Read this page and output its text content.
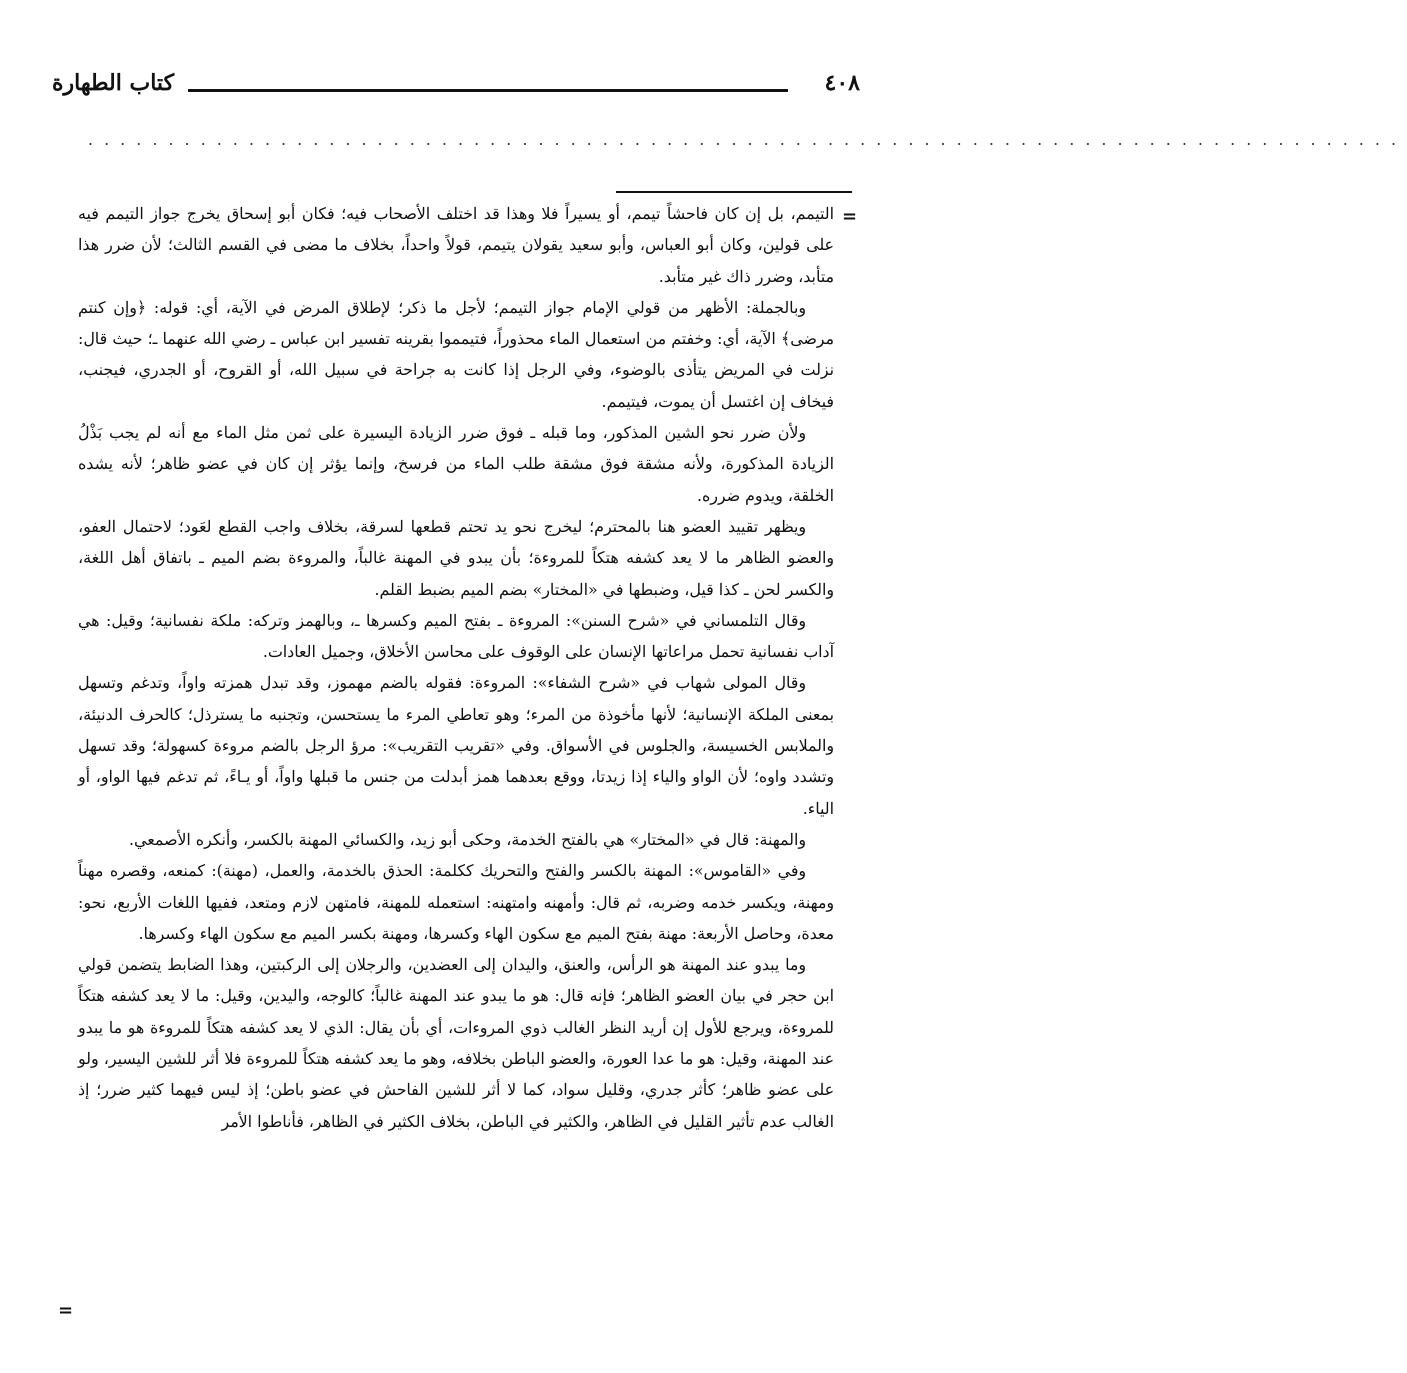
كتاب الطهارة	٤٠٨
..................................................................................
=
=

التيمم، بل إن كان فاحشاً تيمم، أو يسيراً فلا وهذا قد اختلف الأصحاب فيه؛ فكان أبو إسحاق يخرج جواز التيمم فيه على قولين، وكان أبو العباس، وأبو سعيد يقولان يتيمم، قولاً واحداً، بخلاف ما مضى في القسم الثالث؛ لأن ضرر هذا متأبد، وضرر ذاك غير متأبد.

وبالجملة: الأظهر من قولي الإمام جواز التيمم؛ لأجل ما ذكر؛ لإطلاق المرض في الآية، أي: قوله: ﴿وإن كنتم مرضى﴾ الآية، أي: وخفتم من استعمال الماء محذوراً، فتيمموا بقرينه تفسير ابن عباس ـ رضي الله عنهما ـ؛ حيث قال: نزلت في المريض يتأذى بالوضوء، وفي الرجل إذا كانت به جراحة في سبيل الله، أو القروح، أو الجدري، فيجنب، فيخاف إن اغتسل أن يموت، فيتيمم.

ولأن ضرر نحو الشين المذكور، وما قبله ـ فوق ضرر الزيادة اليسيرة على ثمن مثل الماء مع أنه لم يجب بَذْلُ الزيادة المذكورة، ولأنه مشقة فوق مشقة طلب الماء من فرسخ، وإنما يؤثر إن كان في عضو ظاهر؛ لأنه يشده الخلقة، ويدوم ضرره.

ويظهر تقييد العضو هنا بالمحترم؛ ليخرج نحو يد تحتم قطعها لسرقة، بخلاف واجب القطع لعَود؛ لاحتمال العفو، والعضو الظاهر ما لا يعد كشفه هتكاً للمروءة؛ بأن يبدو في المهنة غالباً، والمروءة بضم الميم ـ باتفاق أهل اللغة، والكسر لحن ـ كذا قيل، وضبطها في «المختار» بضم الميم بضبط القلم.

وقال التلمساني في «شرح السنن»: المروءة ـ بفتح الميم وكسرها ـ، وبالهمز وتركه: ملكة نفسانية؛ وقيل: هي آداب نفسانية تحمل مراعاتها الإنسان على الوقوف على محاسن الأخلاق، وجميل العادات.

وقال المولى شهاب في «شرح الشفاء»: المروءة: فقوله بالضم مهموز، وقد تبدل همزته واواً، وتدغم وتسهل بمعنى الملكة الإنسانية؛ لأنها مأخوذة من المرء؛ وهو تعاطي المرء ما يستحسن، وتجنبه ما يسترذل؛ كالحرف الدنيئة، والملابس الخسيسة، والجلوس في الأسواق. وفي «تقريب التقريب»: مرؤ الرجل بالضم مروءة كسهولة؛ وقد تسهل وتشدد واوه؛ لأن الواو والياء إذا زيدتا، ووقع بعدهما همز أبدلت من جنس ما قبلها واواً، أو يـاءً، ثم تدغم فيها الواو، أو الياء.

والمهنة: قال في «المختار» هي بالفتح الخدمة، وحكى أبو زيد، والكسائي المهنة بالكسر، وأنكره الأصمعي.

وفي «القاموس»: المهنة بالكسر والفتح والتحريك ككلمة: الحذق بالخدمة، والعمل، (مهنة): كمنعه، وقصره مهناً ومهنة، ويكسر خدمه وضربه، ثم قال: وأمهنه وامتهنه: استعمله للمهنة، فامتهن لازم ومتعد، ففيها اللغات الأربع، نحو: معدة، وحاصل الأربعة: مهنة بفتح الميم مع سكون الهاء وكسرها، ومهنة بكسر الميم مع سكون الهاء وكسرها.

وما يبدو عند المهنة هو الرأس، والعنق، واليدان إلى العضدين، والرجلان إلى الركبتين، وهذا الضابط يتضمن قولي ابن حجر في بيان العضو الظاهر؛ فإنه قال: هو ما يبدو عند المهنة غالباً؛ كالوجه، واليدين، وقيل: ما لا يعد كشفه هتكاً للمروءة، ويرجع للأول إن أريد النظر الغالب ذوي المروءات، أي بأن يقال: الذي لا يعد كشفه هتكاً للمروءة هو ما يبدو عند المهنة، وقيل: هو ما عدا العورة، والعضو الباطن بخلافه، وهو ما يعد كشفه هتكاً للمروءة فلا أثر للشين اليسير، ولو على عضو ظاهر؛ كأثر جدري، وقليل سواد، كما لا أثر للشين الفاحش في عضو باطن؛ إذ ليس فيهما كثير ضرر؛ إذ الغالب عدم تأثير القليل في الظاهر، والكثير في الباطن، بخلاف الكثير في الظاهر، فأناطوا الأمر
